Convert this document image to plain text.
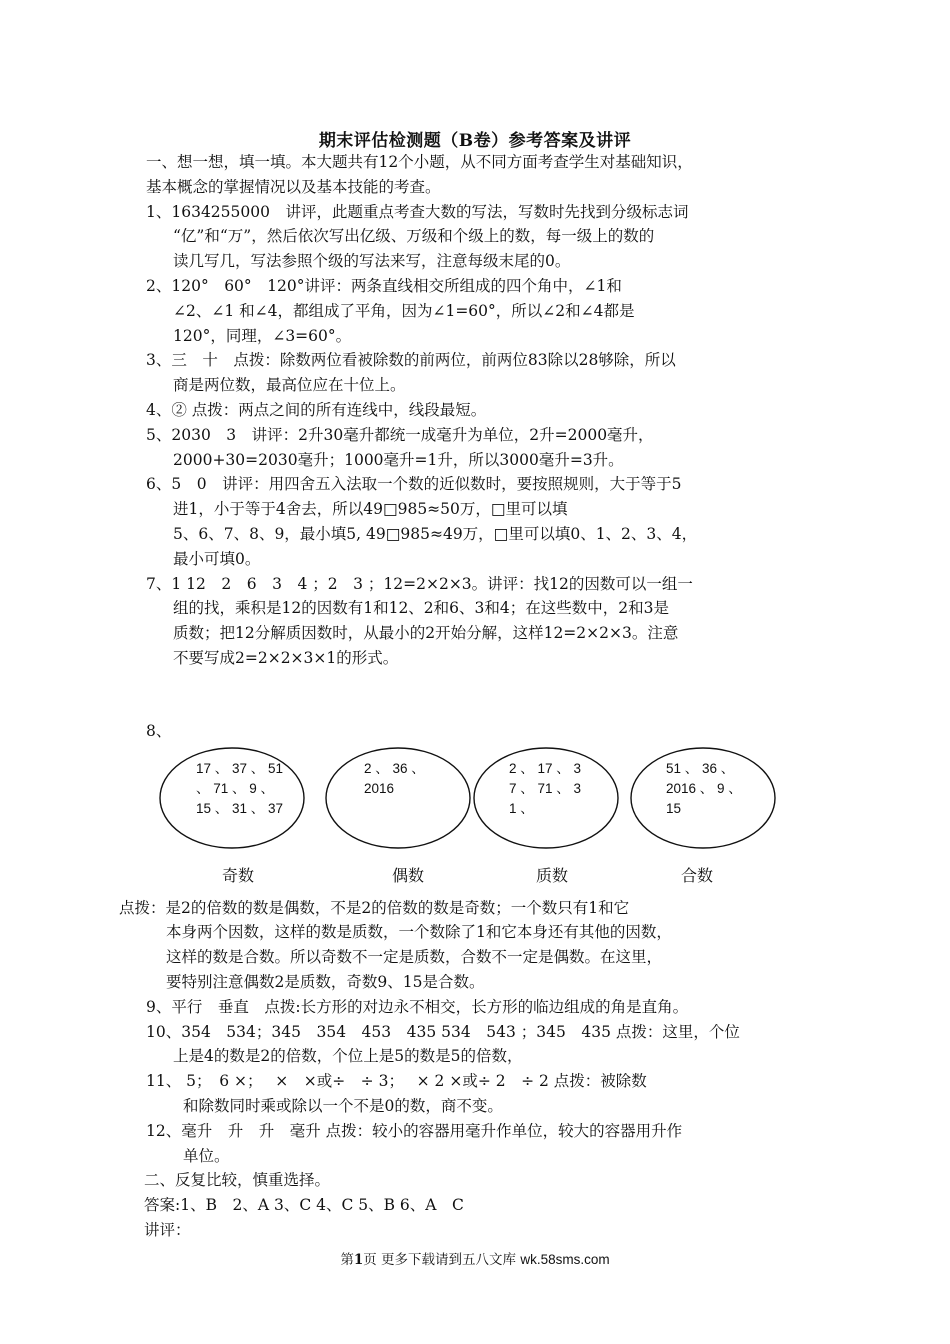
期末评估检测题（B卷）参考答案及讲评
一、想一想，填一填。本大题共有12个小题，从不同方面考查学生对基础知识，
基本概念的掌握情况以及基本技能的考查。
1、1634255000　讲评，此题重点考查大数的写法，写数时先找到分级标志词
“亿”和“万”，然后依次写出亿级、万级和个级上的数，每一级上的数的
读几写几，写法参照个级的写法来写，注意每级末尾的0。
2、120°　60°　120°讲评：两条直线相交所组成的四个角中，∠1和
∠2、∠1 和∠4，都组成了平角，因为∠1=60°，所以∠2和∠4都是
120°，同理，∠3=60°。
3、三　十　点拨：除数两位看被除数的前两位，前两位83除以28够除，所以
商是两位数，最高位应在十位上。
4、② 点拨：两点之间的所有连线中，线段最短。
5、2030　3　讲评：2升30毫升都统一成毫升为单位，2升=2000毫升，
2000+30=2030毫升；1000毫升=1升，所以3000毫升=3升。
6、5　0　讲评：用四舍五入法取一个数的近似数时，要按照规则，大于等于5
进1，小于等于4舍去，所以49□985≈50万，□里可以填
5、6、7、8、9，最小填5, 49□985≈49万，□里可以填0、1、2、3、4，
最小可填0。
7、1 12　2　6　3　4 ；2　3 ；12=2×2×3。讲评：找12的因数可以一组一
组的找，乘积是12的因数有1和12、2和6、3和4；在这些数中，2和3是
质数；把12分解质因数时，从最小的2开始分解，这样12=2×2×3。注意
不要写成2=2×2×3×1的形式。
8、
17 、 37 、 51
、 71 、 9 、
15 、 31 、 37
2 、 36 、
2016
2 、 17 、 3
7 、 71 、 3
1 、
51 、 36 、
2016 、 9 、
15
奇数	偶数	质数	合数
点拨：是2的倍数的数是偶数，不是2的倍数的数是奇数；一个数只有1和它
本身两个因数，这样的数是质数，一个数除了1和它本身还有其他的因数，
这样的数是合数。所以奇数不一定是质数，合数不一定是偶数。在这里，
要特别注意偶数2是质数，奇数9、15是合数。
9、平行　垂直　点拨:长方形的对边永不相交，长方形的临边组成的角是直角。
10、354　534；345　354　453　435 534　543 ；345　435 点拨：这里，个位
上是4的数是2的倍数，个位上是5的数是5的倍数，
11、 5；　6 ×；　 ×　×或÷　÷ 3；　 × 2 ×或÷ 2　÷ 2 点拨：被除数
和除数同时乘或除以一个不是0的数，商不变。
12、毫升　升　升　毫升 点拨：较小的容器用毫升作单位，较大的容器用升作
单位。
二、反复比较，慎重选择。
答案:1、B　2、A 3、C 4、C 5、B 6、A　C
讲评：
第1页 更多下载请到五八文库 wk.58sms.com
